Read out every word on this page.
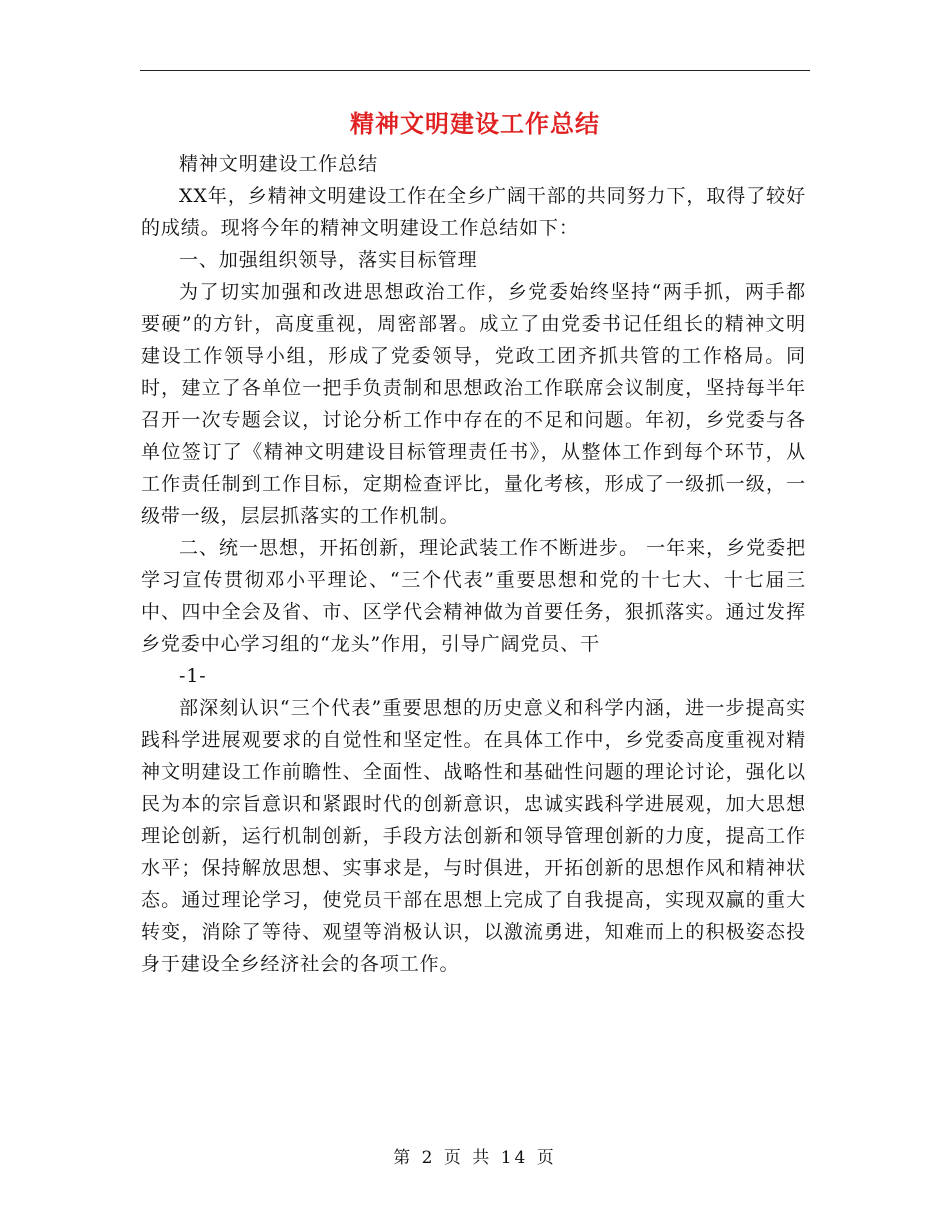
精神文明建设工作总结

精神文明建设工作总结

XX年，乡精神文明建设工作在全乡广阔干部的共同努力下，取得了较好的成绩。现将今年的精神文明建设工作总结如下：

一、加强组织领导，落实目标管理

为了切实加强和改进思想政治工作，乡党委始终坚持“两手抓，两手都要硬”的方针，高度重视，周密部署。成立了由党委书记任组长的精神文明建设工作领导小组，形成了党委领导，党政工团齐抓共管的工作格局。同时，建立了各单位一把手负责制和思想政治工作联席会议制度，坚持每半年召开一次专题会议，讨论分析工作中存在的不足和问题。年初，乡党委与各单位签订了《精神文明建设目标管理责任书》，从整体工作到每个环节，从工作责任制到工作目标，定期检查评比，量化考核，形成了一级抓一级，一级带一级，层层抓落实的工作机制。

二、统一思想，开拓创新，理论武装工作不断进步。 一年来，乡党委把学习宣传贯彻邓小平理论、“三个代表”重要思想和党的十七大、十七届三中、四中全会及省、市、区学代会精神做为首要任务，狠抓落实。通过发挥乡党委中心学习组的“龙头”作用，引导广阔党员、干

-1-

部深刻认识“三个代表”重要思想的历史意义和科学内涵，进一步提高实践科学进展观要求的自觉性和坚定性。在具体工作中，乡党委高度重视对精神文明建设工作前瞻性、全面性、战略性和基础性问题的理论讨论，强化以民为本的宗旨意识和紧跟时代的创新意识，忠诚实践科学进展观，加大思想理论创新，运行机制创新，手段方法创新和领导管理创新的力度，提高工作水平；保持解放思想、实事求是，与时俱进，开拓创新的思想作风和精神状态。通过理论学习，使党员干部在思想上完成了自我提高，实现双赢的重大转变，消除了等待、观望等消极认识，以激流勇进，知难而上的积极姿态投身于建设全乡经济社会的各项工作。

第 2 页 共 14 页
